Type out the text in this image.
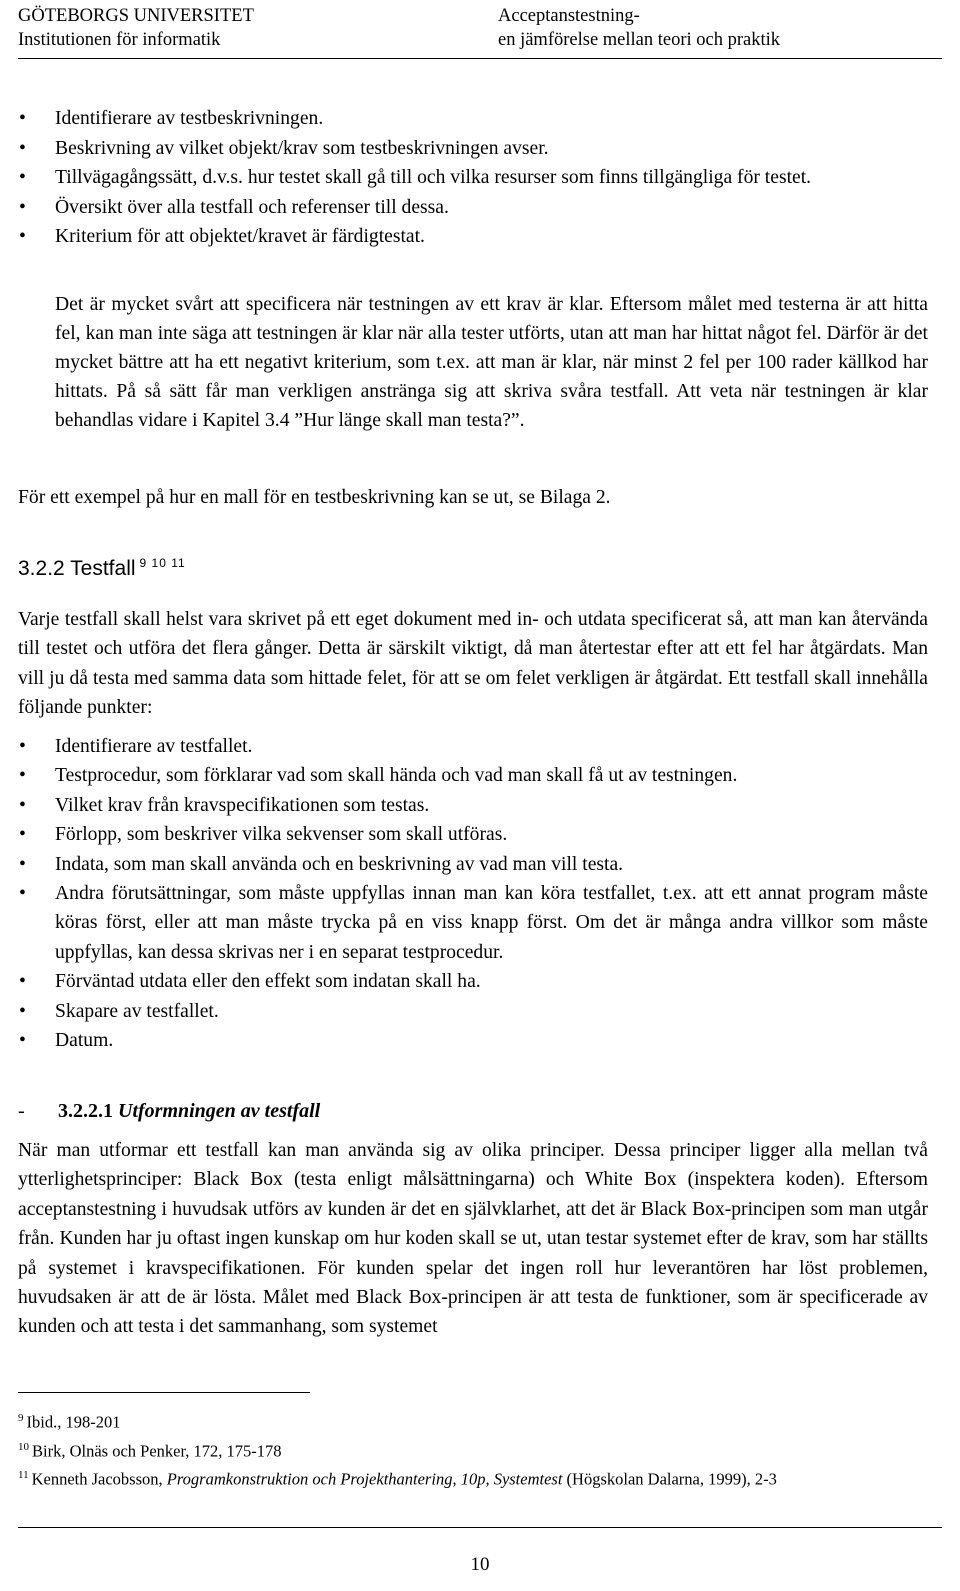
GÖTEBORGS UNIVERSITET
Institutionen för informatik
Acceptanstestning-
en jämförelse mellan teori och praktik
• Identifierare av testbeskrivningen.
• Beskrivning av vilket objekt/krav som testbeskrivningen avser.
• Tillvägagångssätt, d.v.s. hur testet skall gå till och vilka resurser som finns tillgängliga för testet.
• Översikt över alla testfall och referenser till dessa.
• Kriterium för att objektet/kravet är färdigtestat.
Det är mycket svårt att specificera när testningen av ett krav är klar. Eftersom målet med testerna är att hitta fel, kan man inte säga att testningen är klar när alla tester utförts, utan att man har hittat något fel. Därför är det mycket bättre att ha ett negativt kriterium, som t.ex. att man är klar, när minst 2 fel per 100 rader källkod har hittats. På så sätt får man verkligen anstränga sig att skriva svåra testfall. Att veta när testningen är klar behandlas vidare i Kapitel 3.4 ”Hur länge skall man testa?”.
För ett exempel på hur en mall för en testbeskrivning kan se ut, se Bilaga 2.
3.2.2 Testfall $^{9 10 11}$
Varje testfall skall helst vara skrivet på ett eget dokument med in- och utdata specificerat så, att man kan återvända till testet och utföra det flera gånger. Detta är särskilt viktigt, då man återtestar efter att ett fel har åtgärdats. Man vill ju då testa med samma data som hittade felet, för att se om felet verkligen är åtgärdat. Ett testfall skall innehålla följande punkter:
• Identifierare av testfallet.
• Testprocedur, som förklarar vad som skall hända och vad man skall få ut av testningen.
• Vilket krav från kravspecifikationen som testas.
• Förlopp, som beskriver vilka sekvenser som skall utföras.
• Indata, som man skall använda och en beskrivning av vad man vill testa.
• Andra förutsättningar, som måste uppfyllas innan man kan köra testfallet, t.ex. att ett annat program måste köras först, eller att man måste trycka på en viss knapp först. Om det är många andra villkor som måste uppfyllas, kan dessa skrivas ner i en separat testprocedur.
• Förväntad utdata eller den effekt som indatan skall ha.
• Skapare av testfallet.
• Datum.
- 3.2.2.1 Utformningen av testfall
När man utformar ett testfall kan man använda sig av olika principer. Dessa principer ligger alla mellan två ytterlighetsprinciper: Black Box (testa enligt målsättningarna) och White Box (inspektera koden). Eftersom acceptanstestning i huvudsak utförs av kunden är det en självklarhet, att det är Black Box-principen som man utgår från. Kunden har ju oftast ingen kunskap om hur koden skall se ut, utan testar systemet efter de krav, som har ställts på systemet i kravspecifikationen. För kunden spelar det ingen roll hur leverantören har löst problemen, huvudsaken är att de är lösta. Målet med Black Box-principen är att testa de funktioner, som är specificerade av kunden och att testa i det sammanhang, som systemet
$^9$ Ibid., 198-201
$^{10}$ Birk, Olnäs och Penker, 172, 175-178
$^{11}$ Kenneth Jacobsson, Programkonstruktion och Projekthantering, 10p, Systemtest (Högskolan Dalarna, 1999), 2-3
10
